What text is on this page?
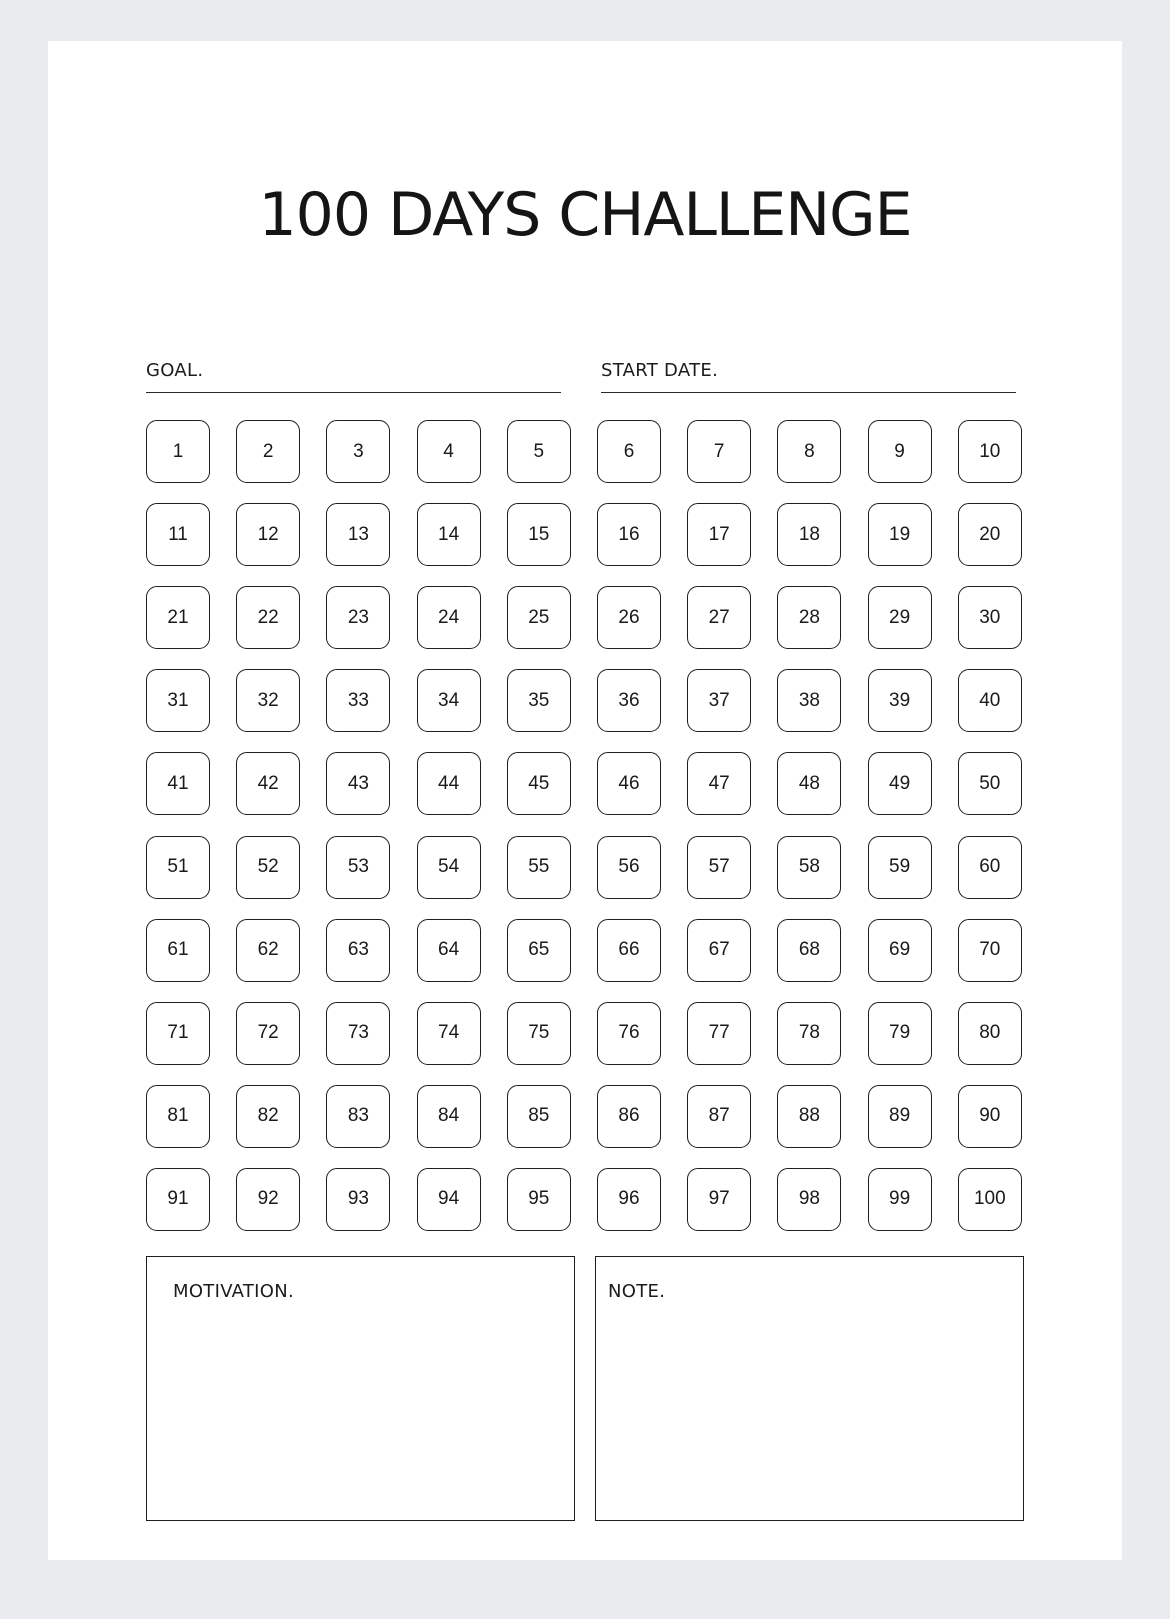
100 DAYS CHALLENGE
GOAL.	START DATE.
1	2	3	4	5	6	7	8	9	10
11	12	13	14	15	16	17	18	19	20
21	22	23	24	25	26	27	28	29	30
31	32	33	34	35	36	37	38	39	40
41	42	43	44	45	46	47	48	49	50
51	52	53	54	55	56	57	58	59	60
61	62	63	64	65	66	67	68	69	70
71	72	73	74	75	76	77	78	79	80
81	82	83	84	85	86	87	88	89	90
91	92	93	94	95	96	97	98	99	100
MOTIVATION.	NOTE.
